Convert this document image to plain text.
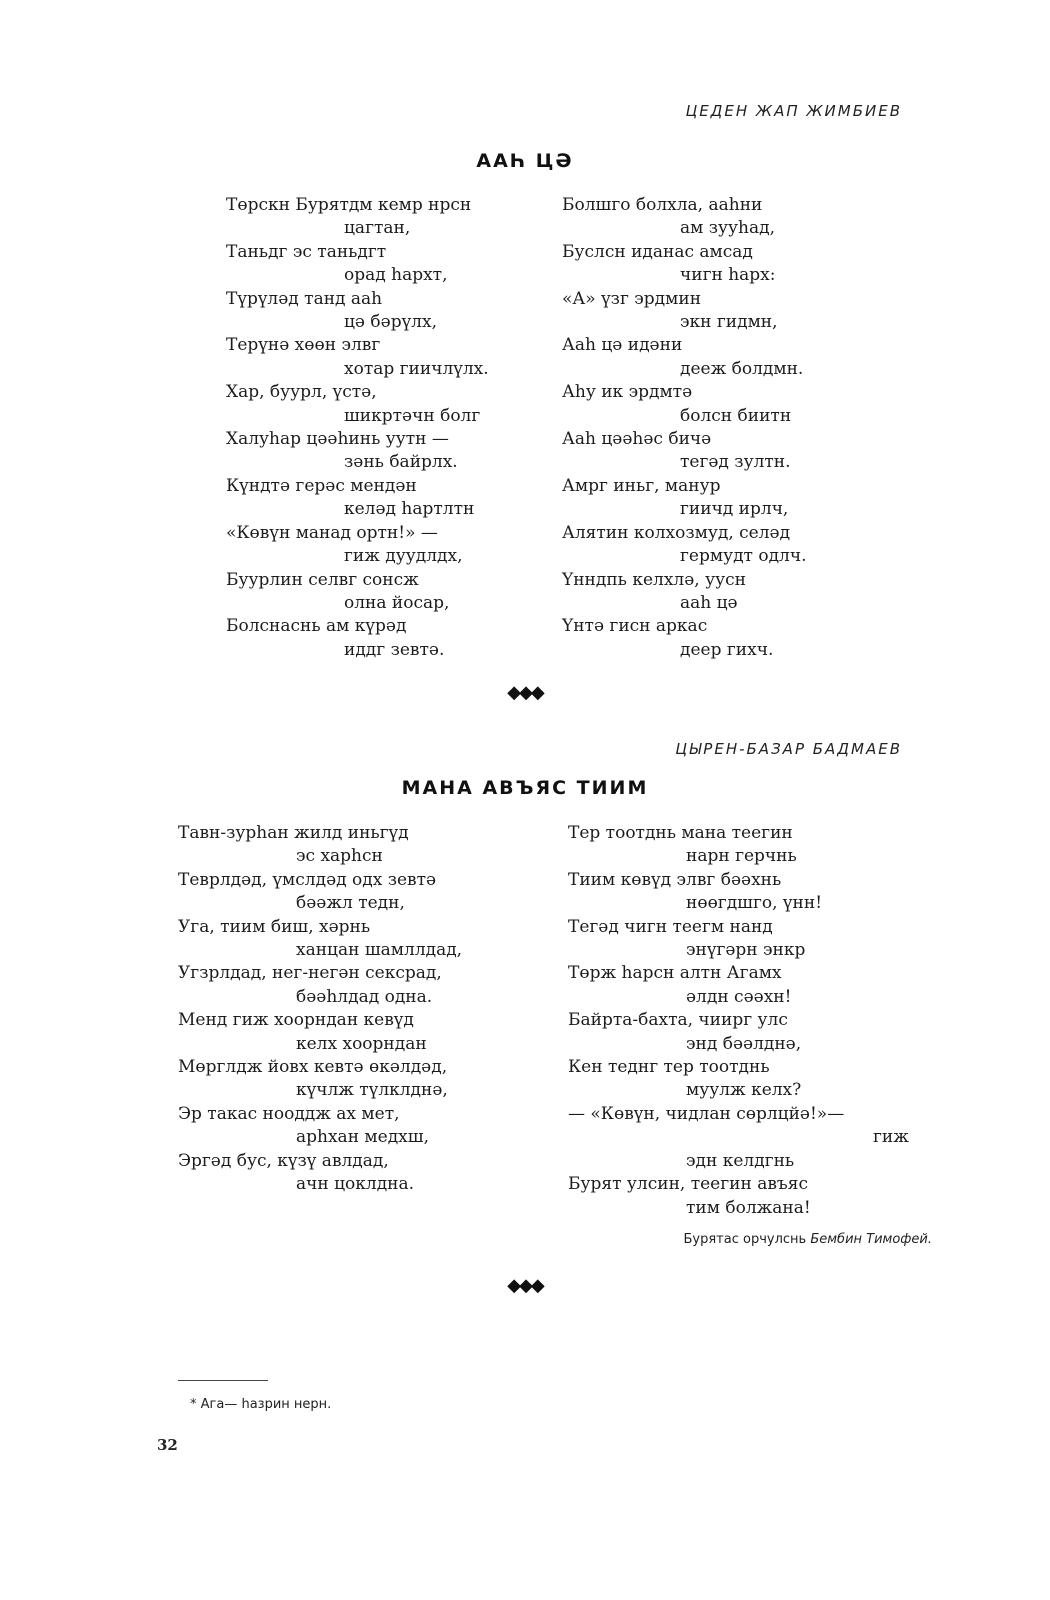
ЦЕДЕН ЖАП ЖИМБИЕВ
ААҺ ЦӘ
Төрскн Бурятдм кемр нрсн
цагтан,
Таньдг эс таньдгт
орад һархт,
Түрүләд танд ааһ
цә бәрүлх,
Терүнә хөөн элвг
хотар гиичлүлх.
Хар, буурл, үстә,
шикртәчн болг
Халуһар цәәһинь уутн —
зәнь байрлх.
Күндтә герәс мендән
келәд һартлтн
«Көвүн манад ортн!» —
гиж дуудлдх,
Буурлин селвг сонсж
олна йосар,
Болснаснь ам күрәд
иддг зевтә.
Болшго болхла, ааһни
ам зууһад,
Буслсн иданас амсад
чигн һарх:
«А» үзг эрдмин
экн гидмн,
Ааһ цә идәни
дееж болдмн.
Аһу ик эрдмтә
болсн биитн
Ааһ цәәһәс бичә
тегәд зултн.
Амрг иньг, манур
гиичд ирлч,
Алятин колхозмуд, селәд
гермудт одлч.
Үнндпь келхлә, уусн
ааһ цә
Үнтә гисн аркас
деер гихч.
◆◆◆
ЦЫРЕН-БАЗАР БАДМАЕВ
МАНА АВЪЯС ТИИМ
Тавн-зурһан жилд иньгүд
эс харһсн
Теврлдәд, үмслдәд одх зевтә
бәәжл тедн,
Уга, тиим биш, хәрнь
ханцан шамллдад,
Угзрлдад, нег-негән сексрад,
бәәһлдад одна.
Менд гиж хоорндан кевүд
келх хоорндан
Мөрглдж йовх кевтә өкәлдәд,
күчлж түлклднә,
Эр такас нооддж ах мет,
арһхан медхш,
Эргәд бус, күзү авлдад,
ачн цоклдна.
Тер тоотднь мана теегин
нарн герчнь
Тиим көвүд элвг бәәхнь
нөөгдшго, үнн!
Тегәд чигн теегм нанд
энүгәрн энкр
Төрж һарсн алтн Агамх
әлдн сәәхн!
Байрта-бахта, чиирг улс
энд бәәлднә,
Кен теднг тер тоотднь
муулж келх?
— «Көвүн, чидлан сөрлцйә!»—
гиж
эдн келдгнь
Бурят улсин, теегин авъяс
тим болжана!
Бурятас орчулснь Бембин Тимофей.
◆◆◆
* Ага— һазрин нерн.
32
